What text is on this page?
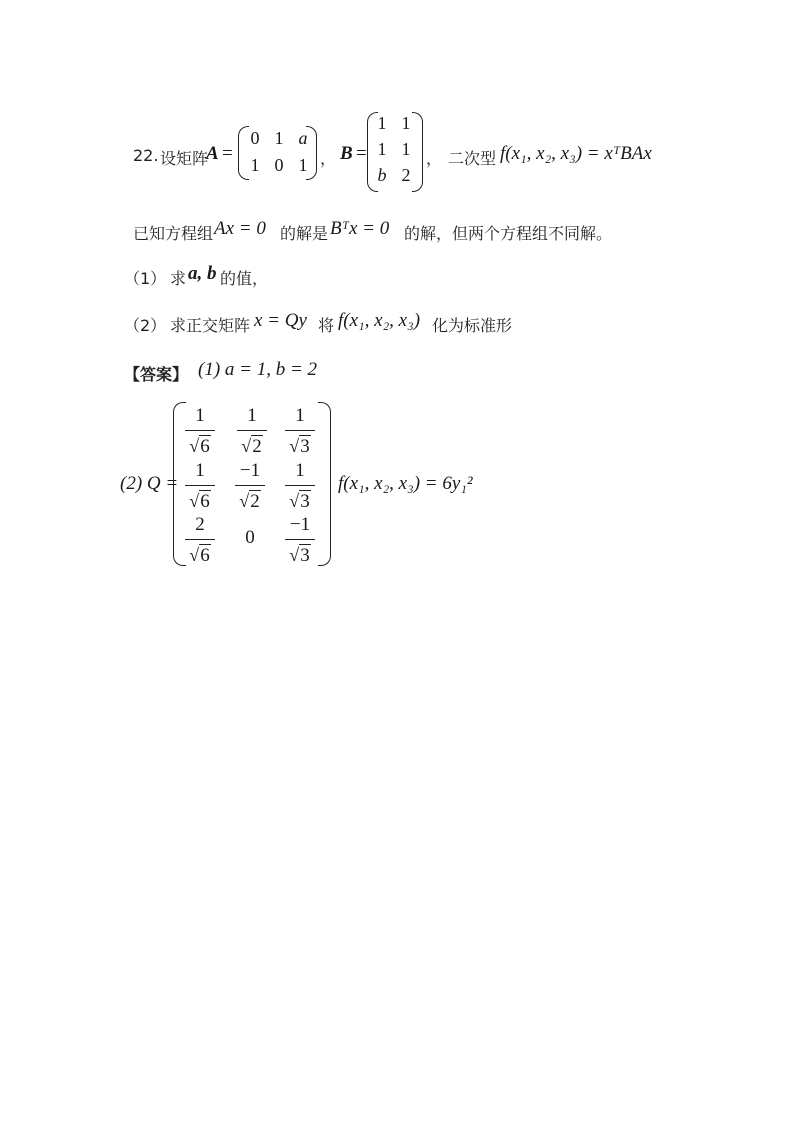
22. 设矩阵
A =
0 1 a
1 0 1 ， B =
1 1
1 1
b 2
， 二次型 f(x₁, x₂, x₃) = xᵀBAx
已知方程组 Ax = 0 的解是 Bᵀx = 0 的解，但两个方程组不同解。
（1） 求 a, b 的值，
（2） 求正交矩阵 x = Qy 将 f(x₁, x₂, x₃) 化为标准形
【答案】 (1) a = 1, b = 2
(2) Q =
1
√6
1
√2
1
√3
1
√6
−1
√2
1
√3
2
√6
0
−1
√3
f(x₁, x₂, x₃) = 6y₁²
